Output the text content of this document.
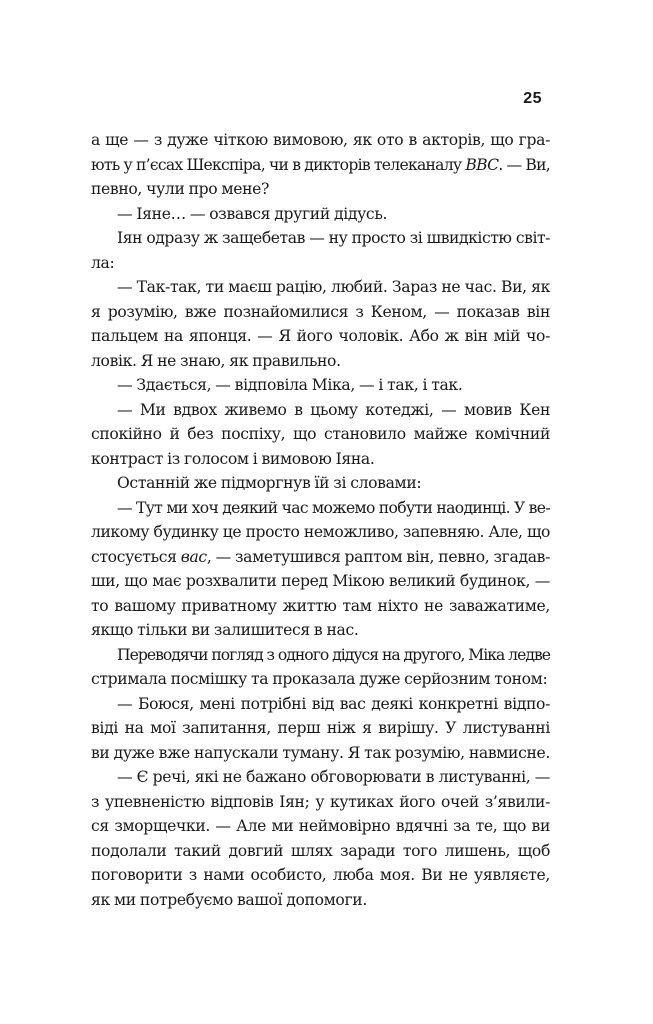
25
а ще — з дуже чіткою вимовою, як ото в акторів, що гра-
ють у п’єсах Шекспіра, чи в дикторів телеканалу BBC. — Ви,
певно, чули про мене?
— Іяне… — озвався другий дідусь.
Іян одразу ж защебетав — ну просто зі швидкістю світ-
ла:
— Так-так, ти маєш рацію, любий. Зараз не час. Ви, як
я розумію, вже познайомилися з Кеном, — показав він
пальцем на японця. — Я його чоловік. Або ж він мій чо-
ловік. Я не знаю, як правильно.
— Здається, — відповіла Міка, — і так, і так.
— Ми вдвох живемо в цьому котеджі, — мовив Кен
спокійно й без поспіху, що становило майже комічний
контраст із голосом і вимовою Іяна.
Останній же підморгнув їй зі словами:
— Тут ми хоч деякий час можемо побути наодинці. У ве-
ликому будинку це просто неможливо, запевняю. Але, що
стосується вас, — заметушився раптом він, певно, згадав-
ши, що має розхвалити перед Мікою великий будинок, —
то вашому приватному життю там ніхто не заважатиме,
якщо тільки ви залишитеся в нас.
Переводячи погляд з одного дідуся на другого, Міка ледве
стримала посмішку та проказала дуже серйозним тоном:
— Боюся, мені потрібні від вас деякі конкретні відпо-
віді на мої запитання, перш ніж я вирішу. У листуванні
ви дуже вже напускали туману. Я так розумію, навмисне.
— Є речі, які не бажано обговорювати в листуванні, —
з упевненістю відповів Іян; у кутиках його очей з’явили-
ся зморщечки. — Але ми неймовірно вдячні за те, що ви
подолали такий довгий шлях заради того лишень, щоб
поговорити з нами особисто, люба моя. Ви не уявляєте,
як ми потребуємо вашої допомоги.
